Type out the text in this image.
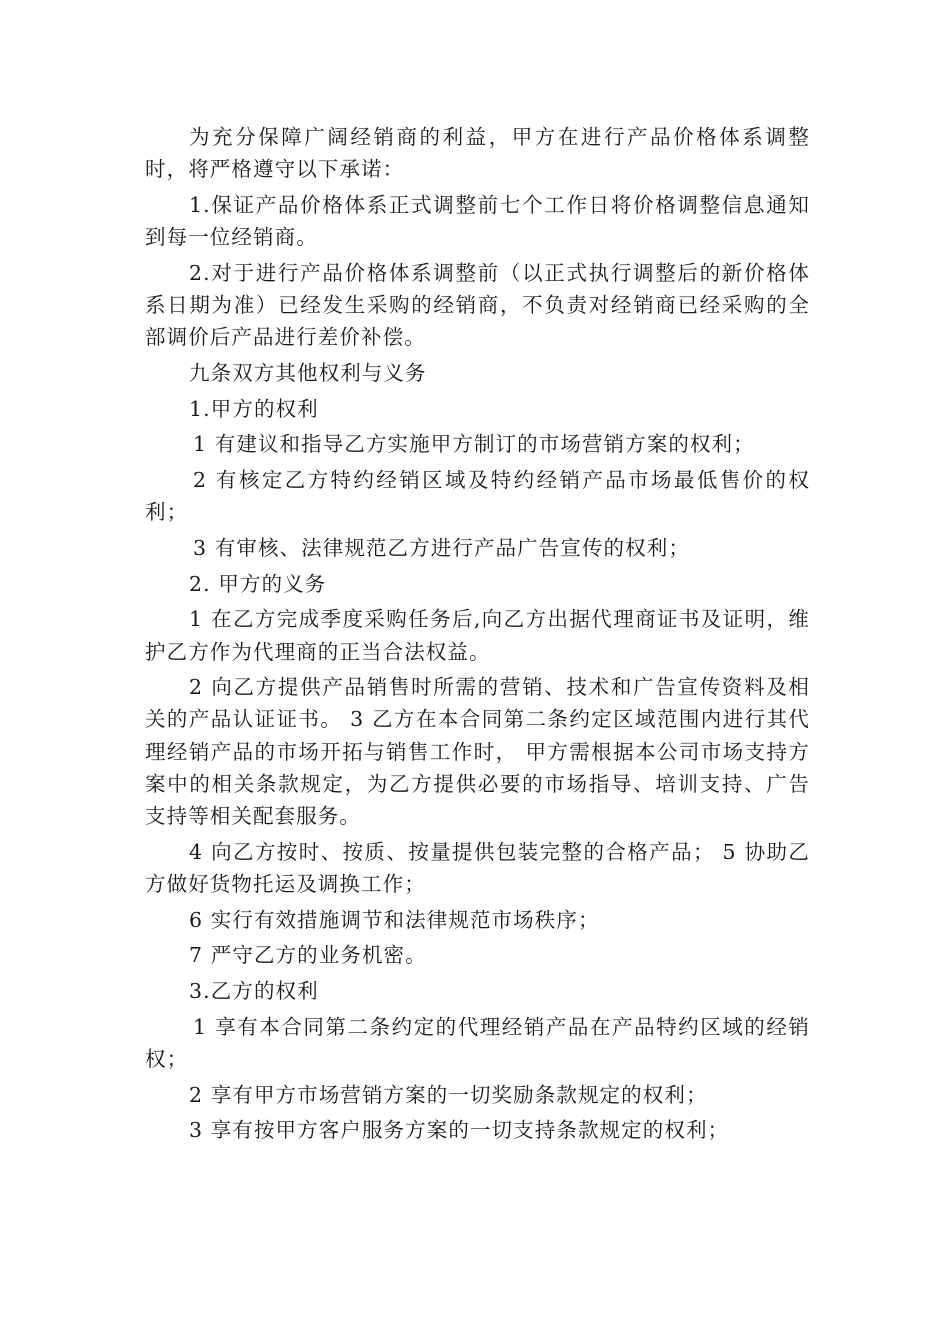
为充分保障广阔经销商的利益，甲方在进行产品价格体系调整时，将严格遵守以下承诺：

1.保证产品价格体系正式调整前七个工作日将价格调整信息通知到每一位经销商。

2.对于进行产品价格体系调整前（以正式执行调整后的新价格体系日期为准）已经发生采购的经销商，不负责对经销商已经采购的全部调价后产品进行差价补偿。

九条双方其他权利与义务

1.甲方的权利

1 有建议和指导乙方实施甲方制订的市场营销方案的权利；

2 有核定乙方特约经销区域及特约经销产品市场最低售价的权利；

3 有审核、法律规范乙方进行产品广告宣传的权利；

2. 甲方的义务

1 在乙方完成季度采购任务后,向乙方出据代理商证书及证明，维护乙方作为代理商的正当合法权益。

2 向乙方提供产品销售时所需的营销、技术和广告宣传资料及相关的产品认证证书。 3 乙方在本合同第二条约定区域范围内进行其代理经销产品的市场开拓与销售工作时， 甲方需根据本公司市场支持方案中的相关条款规定，为乙方提供必要的市场指导、培训支持、广告支持等相关配套服务。

4 向乙方按时、按质、按量提供包装完整的合格产品； 5 协助乙方做好货物托运及调换工作；

6 实行有效措施调节和法律规范市场秩序；

7 严守乙方的业务机密。

3.乙方的权利

1 享有本合同第二条约定的代理经销产品在产品特约区域的经销权；

2 享有甲方市场营销方案的一切奖励条款规定的权利；

3 享有按甲方客户服务方案的一切支持条款规定的权利；
